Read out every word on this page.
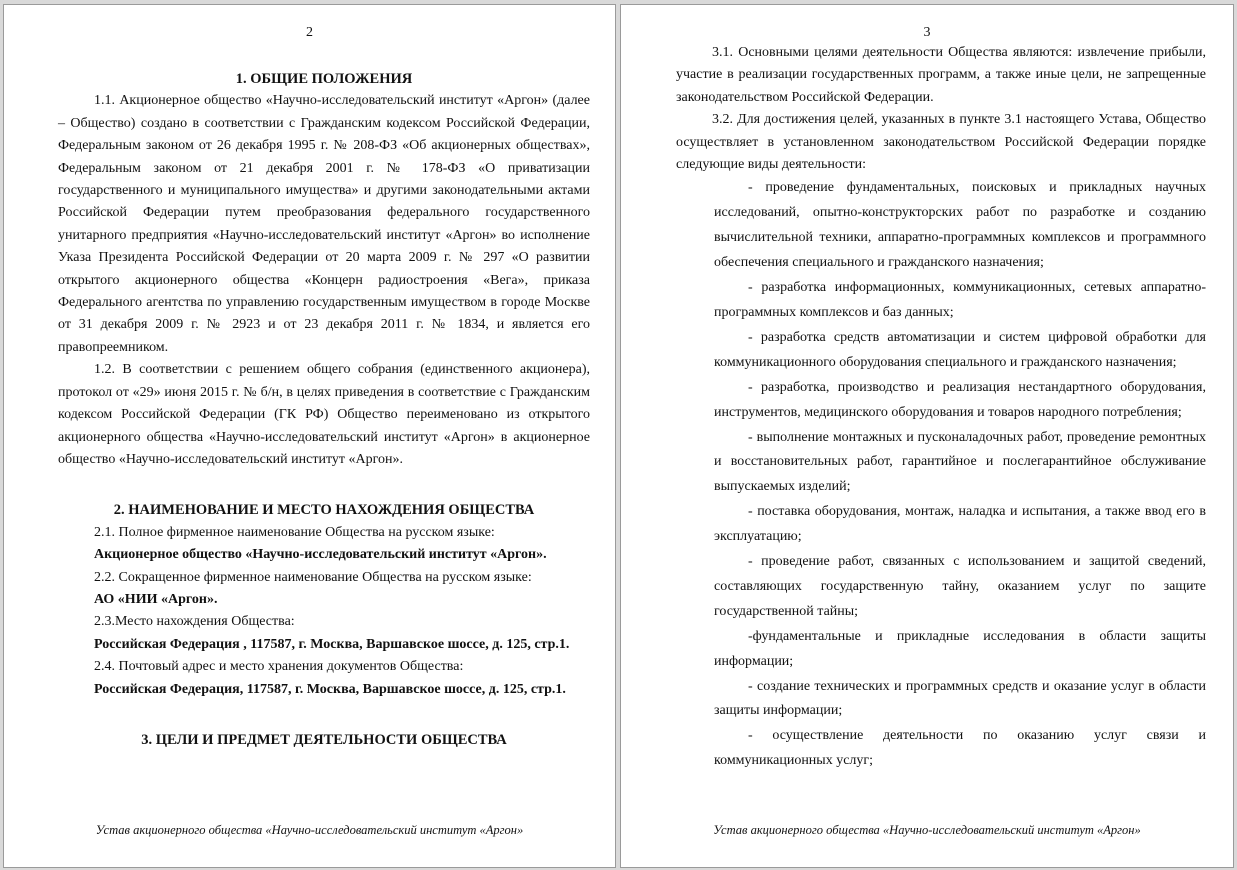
2
1. ОБЩИЕ ПОЛОЖЕНИЯ

1.1. Акционерное общество «Научно-исследовательский институт «Аргон» (далее – Общество) создано в соответствии с Гражданским кодексом Российской Федерации, Федеральным законом от 26 декабря 1995 г. № 208-ФЗ «Об акционерных обществах», Федеральным законом от 21 декабря 2001 г. № 178-ФЗ «О приватизации государственного и муниципального имущества» и другими законодательными актами Российской Федерации путем преобразования федерального государственного унитарного предприятия «Научно-исследовательский институт «Аргон» во исполнение Указа Президента Российской Федерации от 20 марта 2009 г. № 297 «О развитии открытого акционерного общества «Концерн радиостроения «Вега», приказа Федерального агентства по управлению государственным имуществом в городе Москве от 31 декабря 2009 г. № 2923 и от 23 декабря 2011 г. № 1834, и является его правопреемником.

1.2. В соответствии с решением общего собрания (единственного акционера), протокол от «29» июня 2015 г. № б/н, в целях приведения в соответствие с Гражданским кодексом Российской Федерации (ГК РФ) Общество переименовано из открытого акционерного общества «Научно-исследовательский институт «Аргон» в акционерное общество «Научно-исследовательский институт «Аргон».

2. НАИМЕНОВАНИЕ И МЕСТО НАХОЖДЕНИЯ ОБЩЕСТВА

2.1. Полное фирменное наименование Общества на русском языке:

Акционерное общество «Научно-исследовательский институт «Аргон».

2.2. Сокращенное фирменное наименование Общества на русском языке:

АО «НИИ «Аргон».

2.3.Место нахождения Общества:

Российская Федерация , 117587, г. Москва, Варшавское шоссе, д. 125, стр.1.

2.4. Почтовый адрес и место хранения документов Общества:

Российская Федерация, 117587, г. Москва, Варшавское шоссе, д. 125, стр.1.

3. ЦЕЛИ И ПРЕДМЕТ ДЕЯТЕЛЬНОСТИ ОБЩЕСТВА
Устав акционерного общества «Научно-исследовательский институт «Аргон»
3

3.1. Основными целями деятельности Общества являются: извлечение прибыли, участие в реализации государственных программ, а также иные цели, не запрещенные законодательством Российской Федерации.

3.2. Для достижения целей, указанных в пункте 3.1 настоящего Устава, Общество осуществляет в установленном законодательством Российской Федерации порядке следующие виды деятельности:

- проведение фундаментальных, поисковых и прикладных научных исследований, опытно-конструкторских работ по разработке и созданию вычислительной техники, аппаратно-программных комплексов и программного обеспечения специального и гражданского назначения;

- разработка информационных, коммуникационных, сетевых аппаратно-программных комплексов и баз данных;

- разработка средств автоматизации и систем цифровой обработки для коммуникационного оборудования специального и гражданского назначения;

- разработка, производство и реализация нестандартного оборудования, инструментов, медицинского оборудования и товаров народного потребления;

- выполнение монтажных и пусконаладочных работ, проведение ремонтных и восстановительных работ, гарантийное и послегарантийное обслуживание выпускаемых изделий;

- поставка оборудования, монтаж, наладка и испытания, а также ввод его в эксплуатацию;

- проведение работ, связанных с использованием и защитой сведений, составляющих государственную тайну, оказанием услуг по защите государственной тайны;

-фундаментальные и прикладные исследования в области защиты информации;

- создание технических и программных средств и оказание услуг в области защиты информации;

- осуществление деятельности по оказанию услуг связи и коммуникационных услуг;

Устав акционерного общества «Научно-исследовательский институт «Аргон»
